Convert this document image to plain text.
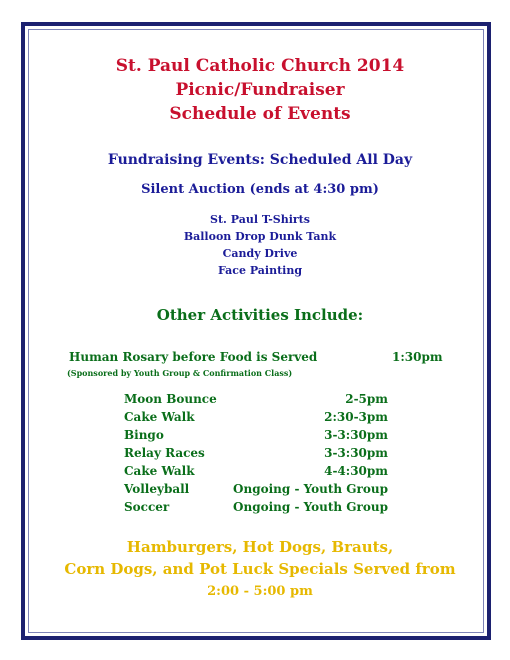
St. Paul Catholic Church 2014
Picnic/Fundraiser
Schedule of Events
Fundraising Events: Scheduled All Day
Silent Auction (ends at 4:30 pm)
St. Paul T-Shirts
Balloon Drop Dunk Tank
Candy Drive
Face Painting
Other Activities Include:
Human Rosary before Food is Served	1:30pm
(Sponsored by Youth Group & Confirmation Class)
Moon Bounce	2-5pm
Cake Walk	2:30-3pm
Bingo	3-3:30pm
Relay Races	3-3:30pm
Cake Walk	4-4:30pm
Volleyball	Ongoing - Youth Group
Soccer	Ongoing - Youth Group
Hamburgers, Hot Dogs, Brauts,
Corn Dogs, and Pot Luck Specials Served from
2:00 - 5:00 pm
